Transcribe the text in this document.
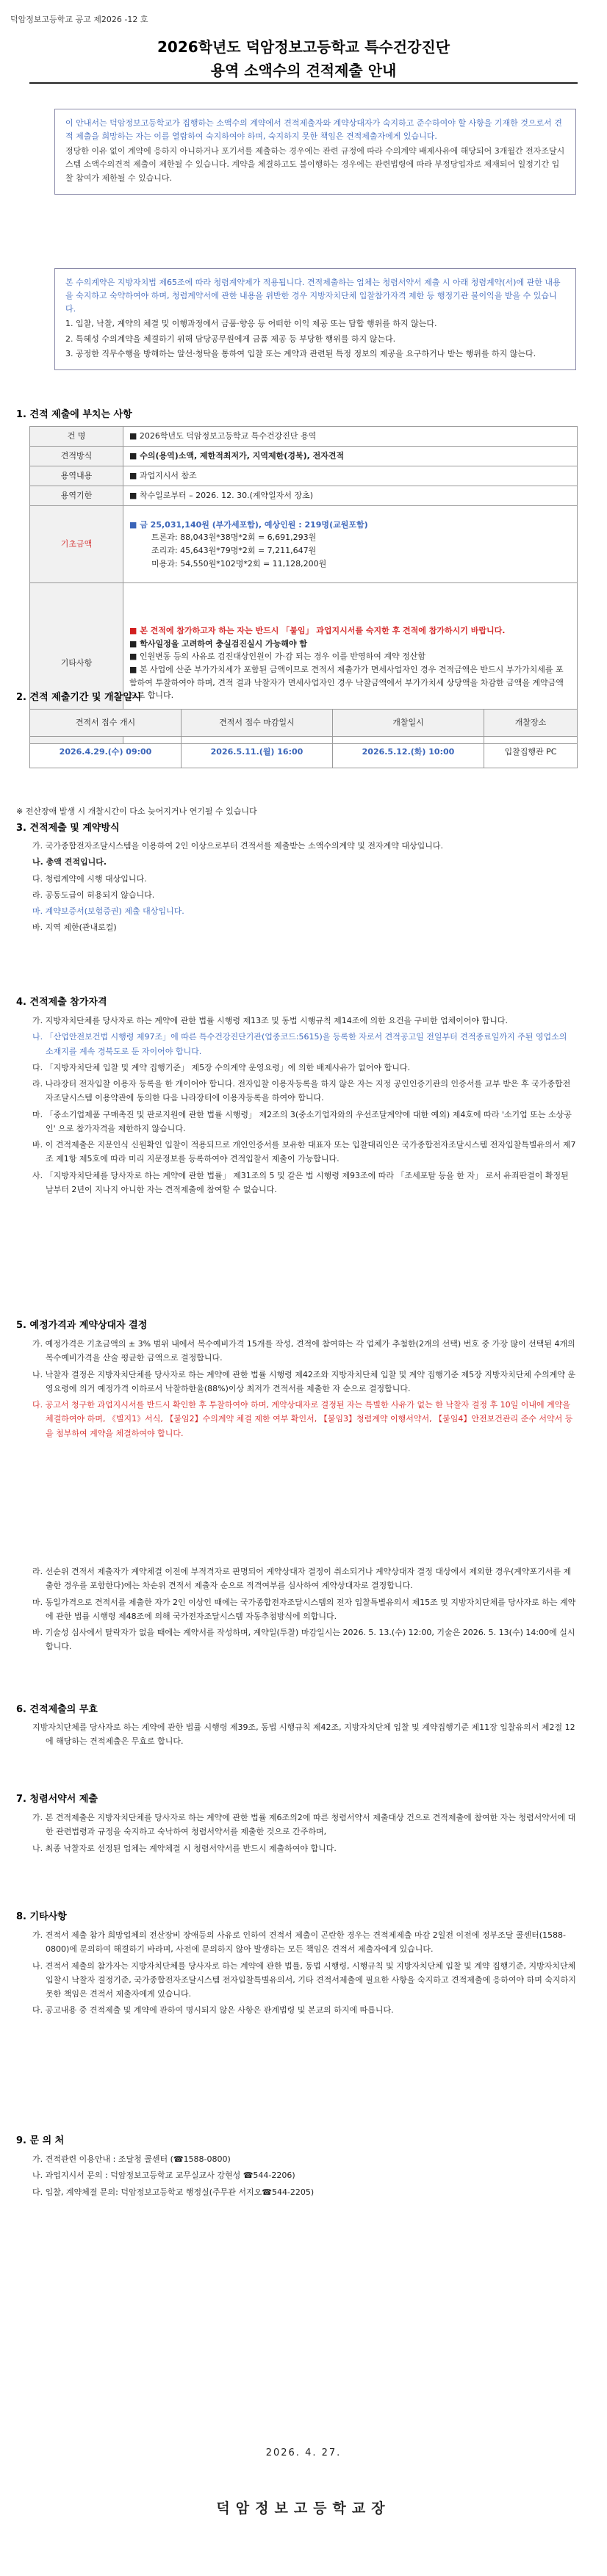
덕암정보고등학교 공고 제2026 -12 호
2026학년도 덕암정보고등학교 특수건강진단
용역 소액수의 견적제출 안내

이 안내서는 덕암정보고등학교가 집행하는 소액수의 계약에서 견적제출자와 계약상대자가 숙지하고 준수하여야 할 사항을 기재한 것으로서 견적 제출을 희망하는 자는 이를 열람하여 숙지하여야 하며, 숙지하지 못한 책임은 견적제출자에게 있습니다.

정당한 이유 없이 계약에 응하지 아니하거나 포기서를 제출하는 경우에는 관련 규정에 따라 수의계약 배제사유에 해당되어 3개월간 전자조달시스템 소액수의견적 제출이 제한될 수 있습니다. 계약을 체결하고도 불이행하는 경우에는 관련법령에 따라 부정당업자로 제재되어 일정기간 입찰 참여가 제한될 수 있습니다.

본 수의계약은 지방자치법 제65조에 따라 청렴계약제가 적용됩니다. 견적제출하는 업체는 청렴서약서 제출 시 아래 청렴계약(서)에 관한 내용을 숙지하고 숙약하여야 하며, 청렴계약서에 관한 내용을 위반한 경우 지방자치단체 입찰참가자격 제한 등 행정기관 불이익을 받을 수 있습니다.

1. 입찰, 낙찰, 계약의 체결 및 이행과정에서 금품·향응 등 어떠한 이익 제공 또는 담합 행위를 하지 않는다.

2. 특혜성 수의계약을 체결하기 위해 담당공무원에게 금품 제공 등 부당한 행위를 하지 않는다.

3. 공정한 직무수행을 방해하는 알선·청탁을 통하여 입찰 또는 계약과 관련된 특정 정보의 제공을 요구하거나 받는 행위를 하지 않는다.

1. 견적 제출에 부치는 사항
건 명	■ 2026학년도 덕암정보고등학교 특수건강진단 용역
견적방식	■ 수의(용역)소액, 제한적최저가, 지역제한(경북), 전자견적
용역내용	■ 과업지시서 참조
용역기한	■ 착수일로부터 – 2026. 12. 30.(계약일자서 장초)
기초금액	■ 금 25,031,140원 (부가세포함), 예상인원 : 219명(교원포함)
트론과: 88,043원*38명*2회 = 6,691,293원
조리과: 45,643원*79명*2회 = 7,211,647원
미용과: 54,550원*102명*2회 = 11,128,200원

기타사항	■ 본 견적에 참가하고자 하는 자는 반드시 「붙임」 과업지시서를 숙지한 후 견적에 참가하시기 바랍니다.
■ 학사일정을 고려하여 충실검진실시 가능해야 함
■ 인원변동 등의 사유로 검진대상인원이 가·감 되는 경우 이를 반영하여 계약 정산함
■ 본 사업에 산준 부가가치세가 포함된 금액이므로 견적서 제출가가 면세사업자인 경우 견적금액은 반드시 부가가치세를 포함하여 투찰하여야 하며, 견적 결과 낙찰자가 면세사업자인 경우 낙찰금액에서 부가가치세 상당액을 차감한 금액을 계약금액으로 합니다.
2. 견적 제출기간 및 개찰일시
견적서 접수 개시	견적서 접수 마감일시	개찰일시	개찰장소
2026.4.29.(수) 09:00	2026.5.11.(월) 16:00	2026.5.12.(화) 10:00	입찰집행관 PC
※ 전산장애 발생 시 개찰시간이 다소 늦어지거나 연기될 수 있습니다
3. 견적제출 및 계약방식

가. 국가종합전자조달시스템을 이용하여 2인 이상으로부터 견적서를 제출받는 소액수의계약 및 전자계약 대상입니다.

나. 총액 견적입니다.

다. 청렴계약에 시행 대상입니다.

라. 공동도급이 허용되지 않습니다.

마. 계약보증서(보험증권) 제출 대상입니다.

바. 지역 제한(관내로컬)

4. 견적제출 참가자격

가. 지방자치단체를 당사자로 하는 계약에 관한 법률 시행령 제13조 및 동법 시행규칙 제14조에 의한 요건을 구비한 업체이어야 합니다.

나. 「산업안전보건법 시행령 제97조」에 따른 특수건강진단기관(업종코드:5615)을 등록한 자로서 견적공고일 전일부터 견적종료일까지 주된 영업소의 소재지를 계속 경북도로 둔 자이어야 합니다.

다. 「지방자치단체 입찰 및 계약 집행기준」 제5장 수의계약 운영요령」에 의한 배제사유가 없어야 합니다.

라. 나라장터 전자입찰 이용자 등록을 한 개이어야 합니다. 전자입찰 이용자등록을 하지 않은 자는 지정 공인인증기관의 인증서를 교부 받은 후 국가종합전자조달시스템 이용약관에 동의한 다음 나라장터에 이용자등록을 하여야 합니다.

마. 「중소기업제품 구매촉진 및 판로지원에 관한 법률 시행령」 제2조의 3(중소기업자와의 우선조달계약에 대한 예외) 제4호에 따라 '소기업 또는 소상공인' 으로 참가자격을 제한하지 않습니다.

바. 이 견적제출은 지문인식 신원확인 입찰이 적용되므로 개인인증서를 보유한 대표자 또는 입찰대리인은 국가종합전자조달시스템 전자입찰특별유의서 제7조 제1항 제5호에 따라 미리 지문정보를 등록하여야 견적입찰서 제출이 가능합니다.

사. 「지방자치단체를 당사자로 하는 계약에 관한 법률」 제31조의 5 및 같은 법 시행령 제93조에 따라 「조세포탈 등을 한 자」 로서 유죄판결이 확정된 날부터 2년이 지나지 아니한 자는 견적제출에 참여할 수 없습니다.

5. 예정가격과 계약상대자 결정

가. 예정가격은 기초금액의 ± 3% 범위 내에서 복수예비가격 15개를 작성, 견적에 참여하는 각 업체가 추첨한(2개의 선택) 번호 중 가장 많이 선택된 4개의 복수예비가격을 산술 평균한 금액으로 결정합니다.

나. 낙찰자 결정은 지방자치단체를 당사자로 하는 계약에 관한 법률 시행령 제42조와 지방자치단체 입찰 및 계약 집행기준 제5장 지방자치단체 수의계약 운영요령에 의거 예정가격 이하로서 낙찰하한율(88%)이상 최저가 견적서를 제출한 자 순으로 결정합니다.

다. 공고서 청구한 과업지시서를 반드시 확인한 후 투찰하여야 하며, 계약상대자로 결정된 자는 특별한 사유가 없는 한 낙찰자 결정 후 10일 이내에 계약을 체결하여야 하며, 《별지1》서식, 【붙임2】수의계약 체결 제한 여부 확인서, 【붙임3】청렴계약 이행서약서, 【붙임4】안전보건관리 준수 서약서 등을 첨부하여 계약을 체결하여야 합니다.

라. 선순위 견적서 제출자가 계약체결 이전에 부적격자로 판명되어 계약상대자 결정이 취소되거나 계약상대자 결정 대상에서 제외한 경우(계약포기서를 제출한 경우를 포함한다)에는 차순위 견적서 제출자 순으로 적격여부를 심사하여 계약상대자로 결정합니다.

마. 동일가격으로 견적서를 제출한 자가 2인 이상인 때에는 국가종합전자조달시스템의 전자 입찰특별유의서 제15조 및 지방자치단체를 당사자로 하는 계약에 관한 법률 시행령 제48조에 의해 국가전자조달시스템 자동추첨방식에 의합니다.

바. 기술성 심사에서 탈락자가 없을 때에는 계약서를 작성하며, 계약일(투찰) 마감일시는 2026. 5. 13.(수) 12:00, 기술은 2026. 5. 13(수) 14:00에 실시합니다.

6. 견적제출의 무효

지방자치단체를 당사자로 하는 계약에 관한 법률 시행령 제39조, 동법 시행규칙 제42조, 지방자치단체 입찰 및 계약집행기준 제11장 입찰유의서 제2절 12 에 해당하는 견적제출은 무효로 합니다.

7. 청렴서약서 제출

가. 본 견적제출은 지방자치단체를 당사자로 하는 계약에 관한 법률 제6조의2에 따른 청렴서약서 제출대상 건으로 견적제출에 참여한 자는 청렴서약서에 대한 관련법령과 규정을 숙지하고 숙낙하여 청렴서약서를 제출한 것으로 간주하며,

나. 최종 낙찰자로 선정된 업체는 계약체결 시 청렴서약서를 반드시 제출하여야 합니다.

8. 기타사항

가. 견적서 제출 참가 희망업체의 전산장비 장애등의 사유로 인하여 견적서 제출이 곤란한 경우는 견적제제출 마감 2일전 이전에 정부조달 콜센터(1588-0800)에 문의하여 해결하기 바라며, 사전에 문의하지 않아 발생하는 모든 책임은 견적서 제출자에게 있습니다.

나. 견적서 제출의 참가자는 지방자치단체를 당사자로 하는 계약에 관한 법률, 동법 시행령, 시행규칙 및 지방자치단체 입찰 및 계약 집행기준, 지방자치단체 입찰시 낙찰자 결정기준, 국가종합전자조달시스템 전자입찰특별유의서, 기타 견적서제출에 필요한 사항을 숙지하고 견적제출에 응하여야 하며 숙지하지 못한 책임은 견적서 제출자에게 있습니다.

다. 공고내용 중 견적제출 및 계약에 관하여 명시되지 않은 사항은 관계법령 및 본교의 하지에 따릅니다.

9. 문 의 처

가. 견적관련 이용안내 : 조달청 콜센터 (☎1588-0800)

나. 과업지시서 문의 : 덕암정보고등학교 교무실교사 강현성 ☎544-2206)

다. 입찰, 계약체결 문의: 덕암정보고등학교 행정실(주무관 서지오☎544-2205)

2026. 4. 27.
덕암정보고등학교장
